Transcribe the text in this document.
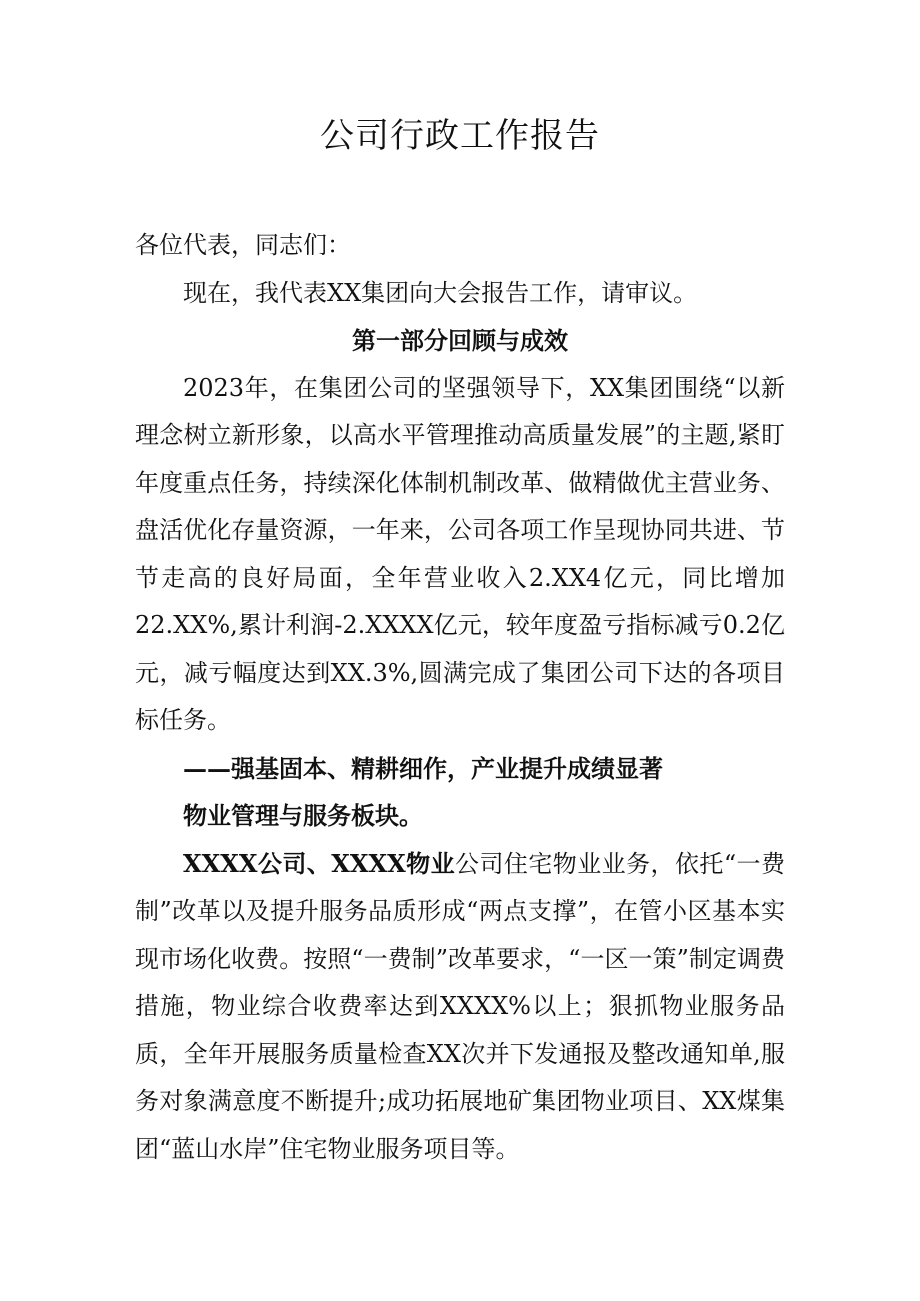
公司行政工作报告

各位代表，同志们：

现在，我代表XX集团向大会报告工作，请审议。

第一部分回顾与成效

2023年，在集团公司的坚强领导下，XX集团围绕“以新理念树立新形象，以高水平管理推动高质量发展”的主题,紧盯年度重点任务，持续深化体制机制改革、做精做优主营业务、盘活优化存量资源，一年来，公司各项工作呈现协同共进、节节走高的良好局面，全年营业收入2.XX4亿元，同比增加22.XX%,累计利润-2.XXXX亿元，较年度盈亏指标减亏0.2亿元，减亏幅度达到XX.3%,圆满完成了集团公司下达的各项目标任务。

——强基固本、精耕细作，产业提升成绩显著

物业管理与服务板块。

XXXX公司、XXXX物业公司住宅物业业务，依托“一费制”改革以及提升服务品质形成“两点支撑”，在管小区基本实现市场化收费。按照“一费制”改革要求，“一区一策”制定调费措施，物业综合收费率达到XXXX%以上；狠抓物业服务品质，全年开展服务质量检查XX次并下发通报及整改通知单,服务对象满意度不断提升;成功拓展地矿集团物业项目、XX煤集团“蓝山水岸”住宅物业服务项目等。
